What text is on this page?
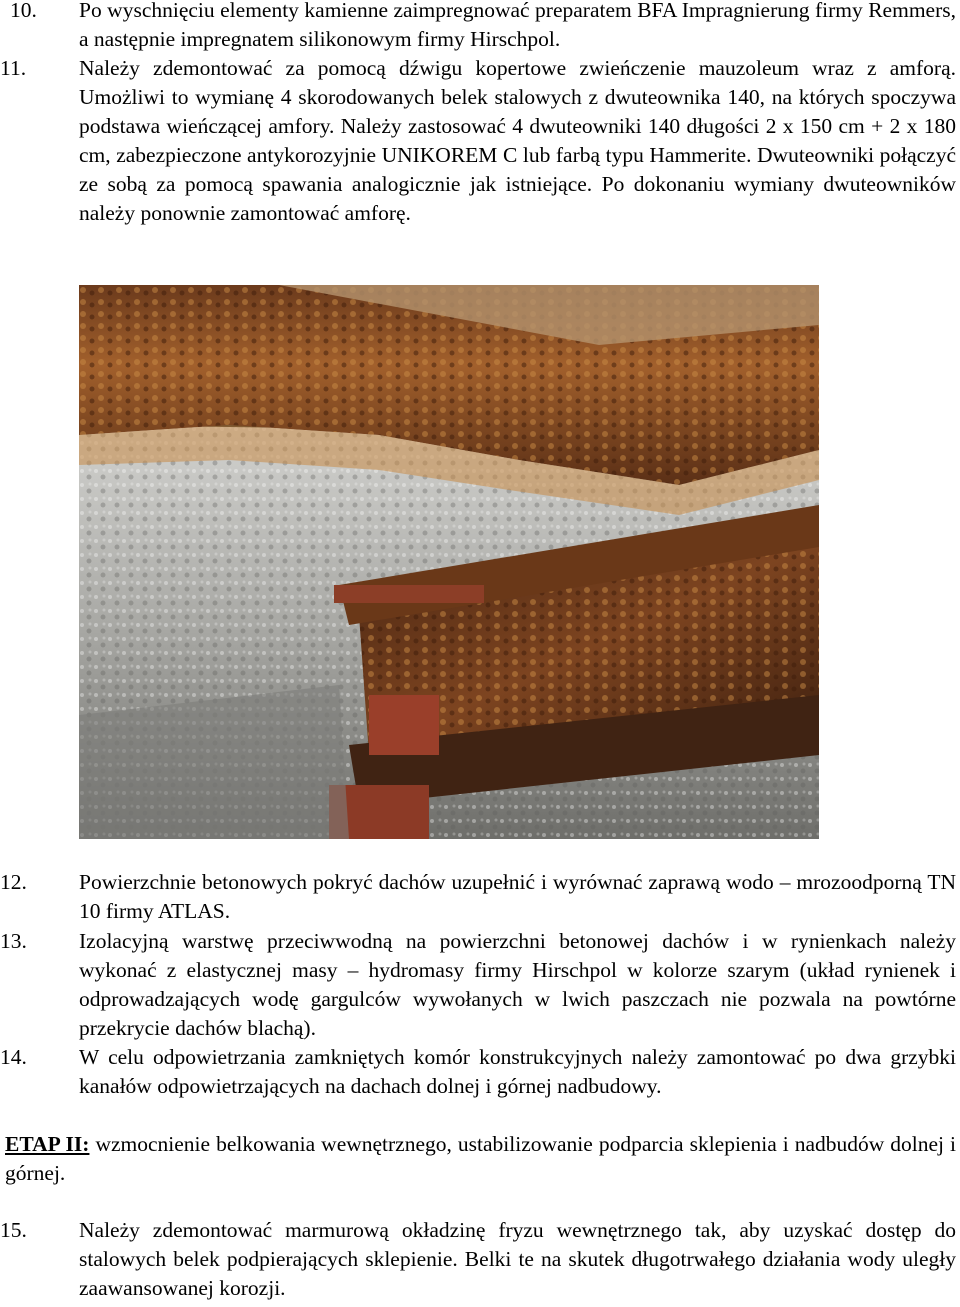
10. Po wyschnięciu elementy kamienne zaimpregnować preparatem BFA Impragnierung firmy Remmers, a następnie impregnatem silikonowym firmy Hirschpol.
11. Należy zdemontować za pomocą dźwigu kopertowe zwieńczenie mauzoleum wraz z amforą. Umożliwi to wymianę 4 skorodowanych belek stalowych z dwuteownika 140, na których spoczywa podstawa wieńczącej amfory. Należy zastosować 4 dwuteowniki 140 długości 2 x 150 cm + 2 x 180 cm, zabezpieczone antykorozyjnie UNIKOREM C lub farbą typu Hammerite. Dwuteowniki połączyć ze sobą za pomocą spawania analogicznie jak istniejące. Po dokonaniu wymiany dwuteowników należy ponownie zamontować amforę.
12. Powierzchnie betonowych pokryć dachów uzupełnić i wyrównać zaprawą wodo – mrozoodporną TN 10 firmy ATLAS.
13. Izolacyjną warstwę przeciwwodną na powierzchni betonowej dachów i w rynienkach należy wykonać z elastycznej masy – hydromasy firmy Hirschpol w kolorze szarym (układ rynienek i odprowadzających wodę gargulców wywołanych w lwich paszczach nie pozwala na powtórne przekrycie dachów blachą).
14. W celu odpowietrzania zamkniętych komór konstrukcyjnych należy zamontować po dwa grzybki kanałów odpowietrzających na dachach dolnej i górnej nadbudowy.
ETAP II: wzmocnienie belkowania wewnętrznego, ustabilizowanie podparcia sklepienia i nadbudów dolnej i górnej.
15. Należy zdemontować marmurową okładzinę fryzu wewnętrznego tak, aby uzyskać dostęp do stalowych belek podpierających sklepienie. Belki te na skutek długotrwałego działania wody uległy zaawansowanej korozji.
